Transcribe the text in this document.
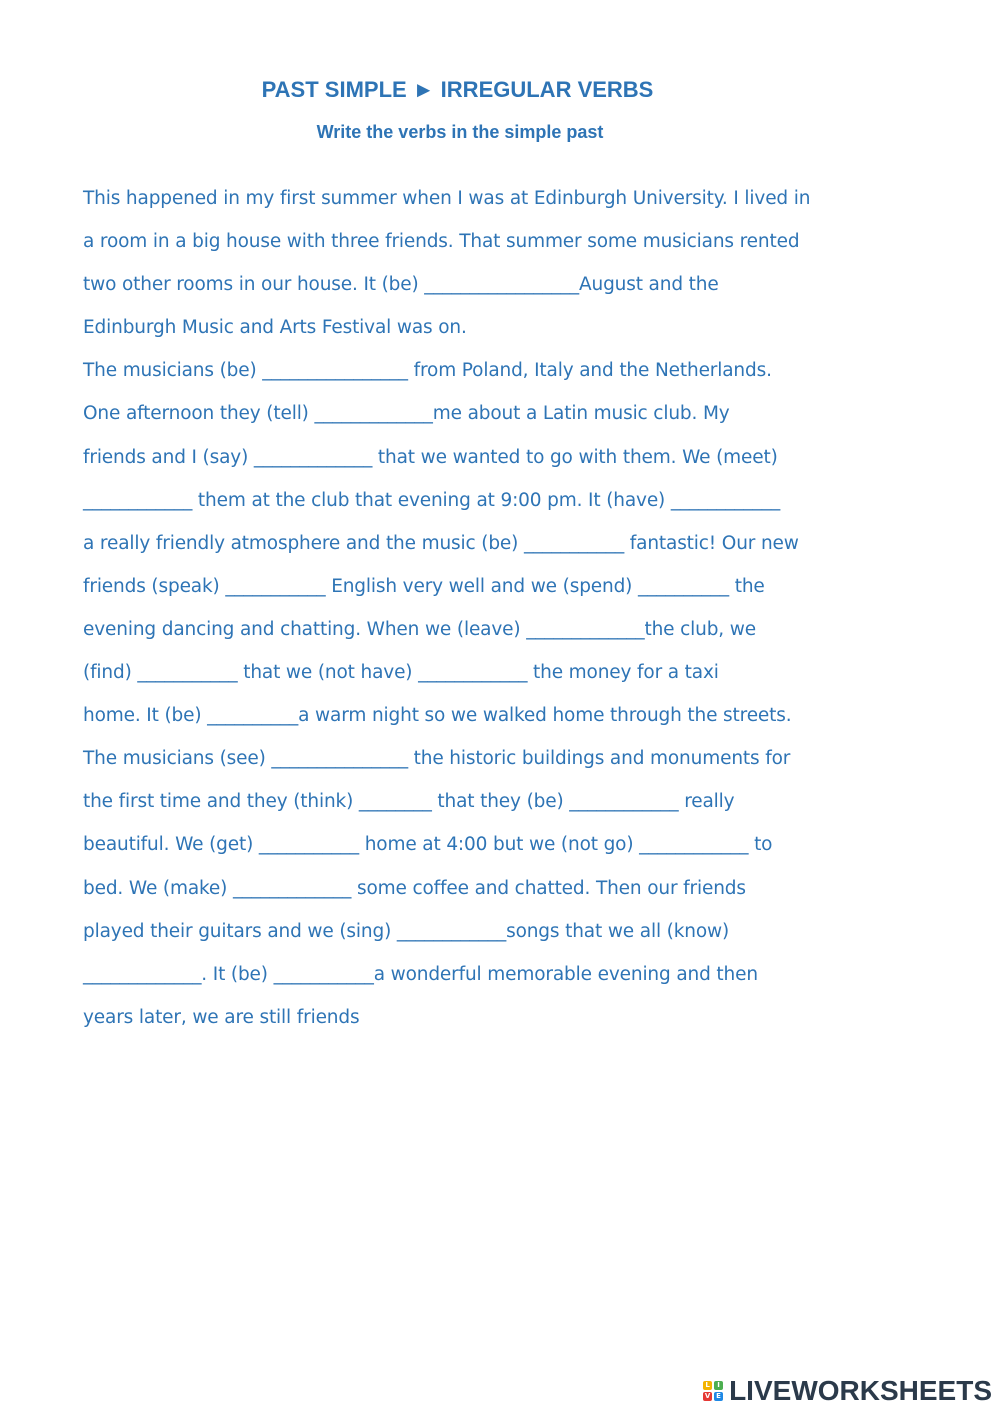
PAST SIMPLE ► IRREGULAR VERBS
Write the verbs in the simple past
This happened in my first summer when I was at Edinburgh University. I lived in
a room in a big house with three friends. That summer some musicians rented
two other rooms in our house. It (be) _________________August and the
Edinburgh Music and Arts Festival was on.
The musicians (be) ________________ from Poland, Italy and the Netherlands.
One afternoon they (tell) _____________me about a Latin music club. My
friends and I (say) _____________ that we wanted to go with them. We (meet)
____________ them at the club that evening at 9:00 pm. It (have) ____________
a really friendly atmosphere and the music (be) ___________ fantastic! Our new
friends (speak) ___________ English very well and we (spend) __________ the
evening dancing and chatting. When we (leave) _____________the club, we
(find) ___________ that we (not have) ____________ the money for a taxi
home. It (be) __________a warm night so we walked home through the streets.
The musicians (see) _______________ the historic buildings and monuments for
the first time and they (think) ________ that they (be) ____________ really
beautiful. We (get) ___________ home at 4:00 but we (not go) ____________ to
bed. We (make) _____________ some coffee and chatted. Then our friends
played their guitars and we (sing) ____________songs that we all (know)
_____________. It (be) ___________a wonderful memorable evening and then
years later, we are still friends
L	I
V E LIVEWORKSHEETS
